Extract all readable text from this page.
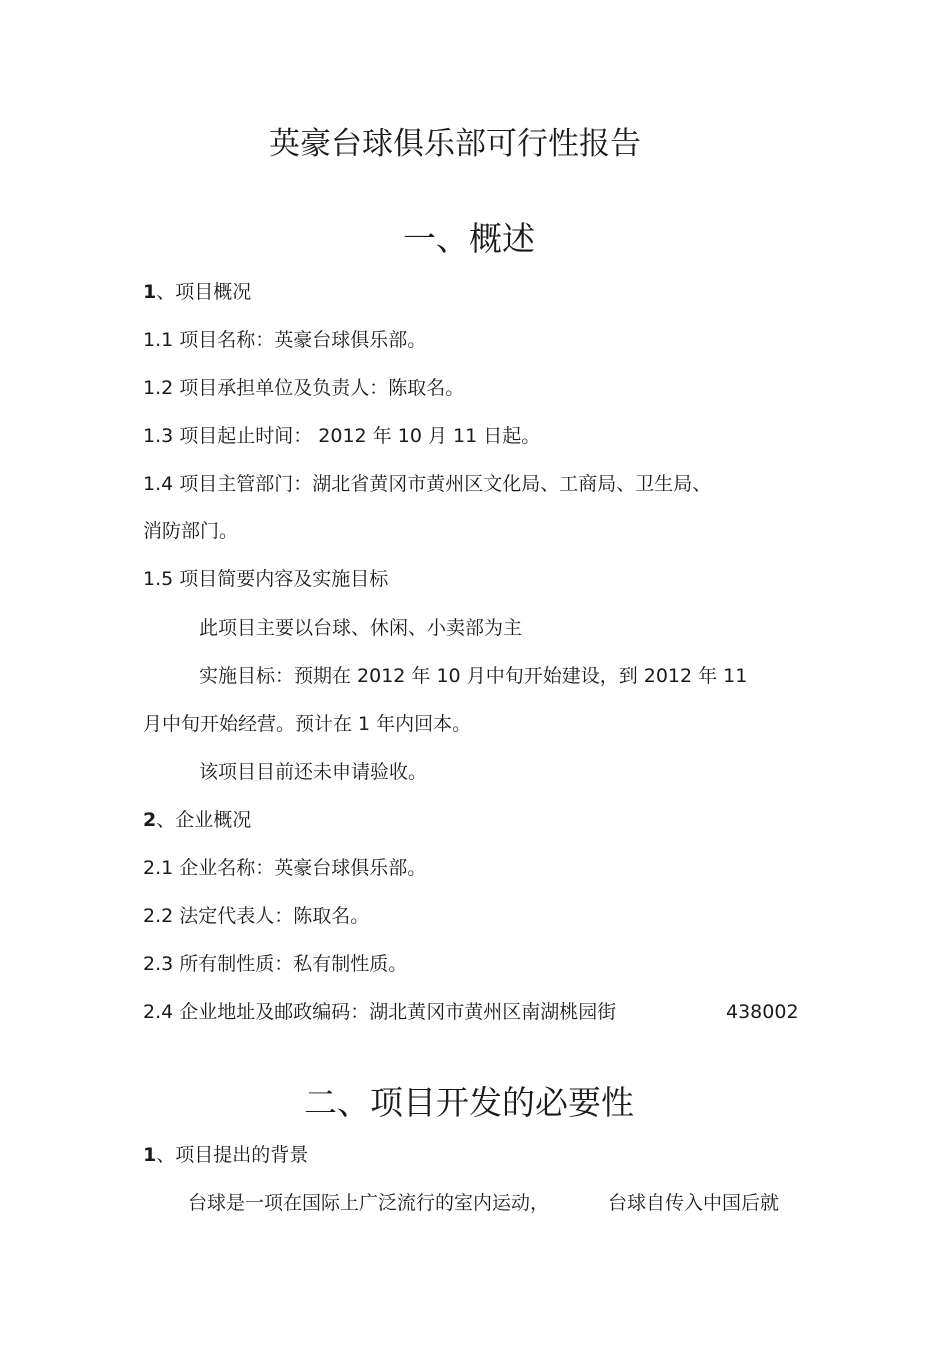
英豪台球俱乐部可行性报告
一、概述
1、项目概况
1.1 项目名称：英豪台球俱乐部。
1.2 项目承担单位及负责人：陈取名。
1.3 项目起止时间： 2012 年 10 月 11 日起。
1.4 项目主管部门：湖北省黄冈市黄州区文化局、工商局、卫生局、
消防部门。
1.5 项目简要内容及实施目标
此项目主要以台球、休闲、小卖部为主
实施目标：预期在 2012 年 10 月中旬开始建设，到 2012 年 11
月中旬开始经营。预计在 1 年内回本。
该项目目前还未申请验收。
2、企业概况
2.1 企业名称：英豪台球俱乐部。
2.2 法定代表人：陈取名。
2.3 所有制性质：私有制性质。
2.4 企业地址及邮政编码：湖北黄冈市黄州区南湖桃园街	438002
二、项目开发的必要性
1、项目提出的背景
台球是一项在国际上广泛流行的室内运动，	台球自传入中国后就
